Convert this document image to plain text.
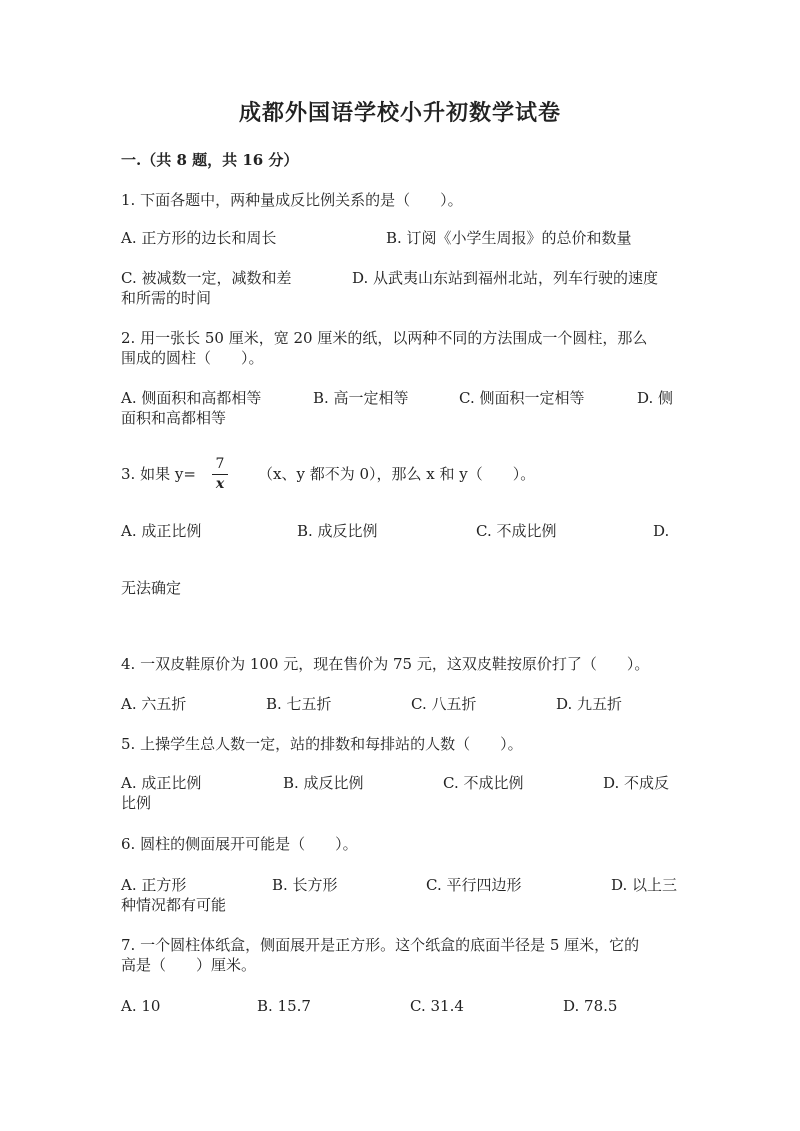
成都外国语学校小升初数学试卷
一.（共 8 题，共 16 分）
1. 下面各题中，两种量成反比例关系的是（　　）。
A. 正方形的边长和周长	B. 订阅《小学生周报》的总价和数量
C. 被减数一定，减数和差	D. 从武夷山东站到福州北站，列车行驶的速度
和所需的时间
2. 用一张长 50 厘米，宽 20 厘米的纸，以两种不同的方法围成一个圆柱，那么
围成的圆柱（　　）。
A. 侧面积和高都相等	B. 高一定相等	C. 侧面积一定相等	D. 侧
面积和高都相等
3. 如果 y=
7
x
（x、y 都不为 0），那么 x 和 y（　　）。
A. 成正比例	B. 成反比例	C. 不成比例	D.
无法确定
4. 一双皮鞋原价为 100 元，现在售价为 75 元，这双皮鞋按原价打了（　　）。
A. 六五折	B. 七五折	C. 八五折	D. 九五折
5. 上操学生总人数一定，站的排数和每排站的人数（　　）。
A. 成正比例	B. 成反比例	C. 不成比例	D. 不成反
比例
6. 圆柱的侧面展开可能是（　　）。
A. 正方形	B. 长方形	C. 平行四边形	D. 以上三
种情况都有可能
7. 一个圆柱体纸盒，侧面展开是正方形。这个纸盒的底面半径是 5 厘米，它的
高是（　　）厘米。
A. 10	B. 15.7	C. 31.4	D. 78.5
